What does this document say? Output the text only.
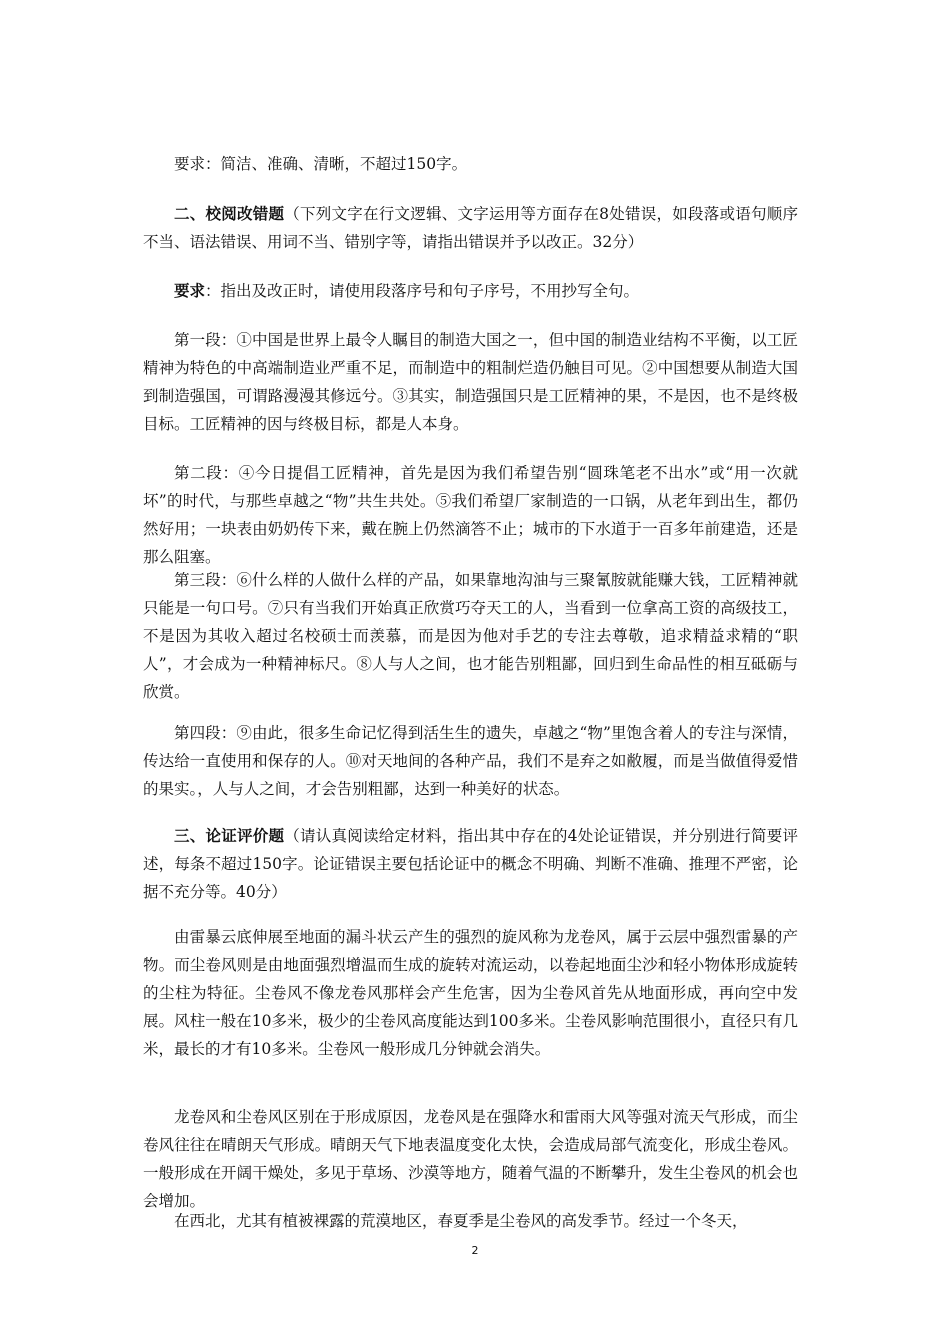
要求：简洁、准确、清晰，不超过150字。

二、校阅改错题（下列文字在行文逻辑、文字运用等方面存在8处错误，如段落或语句顺序不当、语法错误、用词不当、错别字等，请指出错误并予以改正。32分）

要求：指出及改正时，请使用段落序号和句子序号，不用抄写全句。

第一段：①中国是世界上最令人瞩目的制造大国之一，但中国的制造业结构不平衡，以工匠精神为特色的中高端制造业严重不足，而制造中的粗制烂造仍触目可见。②中国想要从制造大国到制造强国，可谓路漫漫其修远兮。③其实，制造强国只是工匠精神的果，不是因，也不是终极目标。工匠精神的因与终极目标，都是人本身。

第二段：④今日提倡工匠精神，首先是因为我们希望告别“圆珠笔老不出水”或“用一次就坏”的时代，与那些卓越之“物”共生共处。⑤我们希望厂家制造的一口锅，从老年到出生，都仍然好用；一块表由奶奶传下来，戴在腕上仍然滴答不止；城市的下水道于一百多年前建造，还是那么阻塞。

第三段：⑥什么样的人做什么样的产品，如果靠地沟油与三聚氰胺就能赚大钱，工匠精神就只能是一句口号。⑦只有当我们开始真正欣赏巧夺天工的人，当看到一位拿高工资的高级技工，不是因为其收入超过名校硕士而羡慕，而是因为他对手艺的专注去尊敬，追求精益求精的“职人”，才会成为一种精神标尺。⑧人与人之间，也才能告别粗鄙，回归到生命品性的相互砥砺与欣赏。

第四段：⑨由此，很多生命记忆得到活生生的遗失，卓越之“物”里饱含着人的专注与深情，传达给一直使用和保存的人。⑩对天地间的各种产品，我们不是弃之如敝履，而是当做值得爱惜的果实。，人与人之间，才会告别粗鄙，达到一种美好的状态。

三、论证评价题（请认真阅读给定材料，指出其中存在的4处论证错误，并分别进行简要评述，每条不超过150字。论证错误主要包括论证中的概念不明确、判断不准确、推理不严密，论据不充分等。40分）

由雷暴云底伸展至地面的漏斗状云产生的强烈的旋风称为龙卷风，属于云层中强烈雷暴的产物。而尘卷风则是由地面强烈增温而生成的旋转对流运动，以卷起地面尘沙和轻小物体形成旋转的尘柱为特征。尘卷风不像龙卷风那样会产生危害，因为尘卷风首先从地面形成，再向空中发展。风柱一般在10多米，极少的尘卷风高度能达到100多米。尘卷风影响范围很小，直径只有几米，最长的才有10多米。尘卷风一般形成几分钟就会消失。

龙卷风和尘卷风区别在于形成原因，龙卷风是在强降水和雷雨大风等强对流天气形成，而尘卷风往往在晴朗天气形成。晴朗天气下地表温度变化太快，会造成局部气流变化，形成尘卷风。一般形成在开阔干燥处，多见于草场、沙漠等地方，随着气温的不断攀升，发生尘卷风的机会也会增加。

在西北，尤其有植被裸露的荒漠地区，春夏季是尘卷风的高发季节。经过一个冬天，

2
